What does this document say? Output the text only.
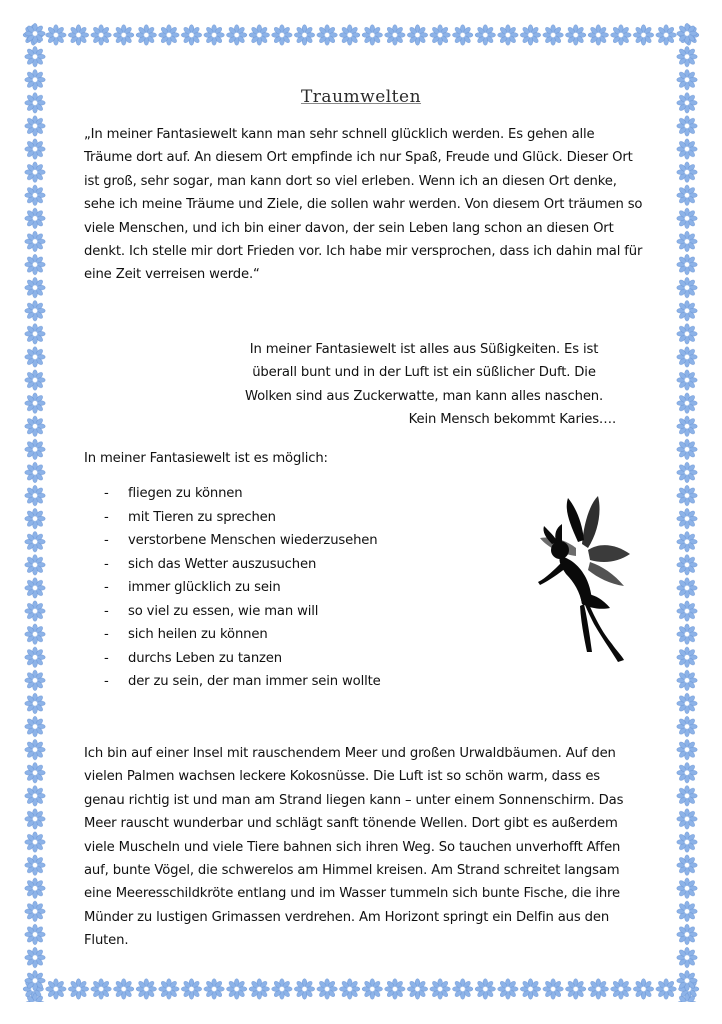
Traumwelten

„In meiner Fantasiewelt kann man sehr schnell glücklich werden. Es gehen alle Träume dort auf. An diesem Ort empfinde ich nur Spaß, Freude und Glück. Dieser Ort ist groß, sehr sogar, man kann dort so viel erleben. Wenn ich an diesen Ort denke, sehe ich meine Träume und Ziele, die sollen wahr werden. Von diesem Ort träumen so viele Menschen, und ich bin einer davon, der sein Leben lang schon an diesen Ort denkt. Ich stelle mir dort Frieden vor. Ich habe mir versprochen, dass ich dahin mal für eine Zeit verreisen werde.“

In meiner Fantasiewelt ist alles aus Süßigkeiten. Es ist überall bunt und in der Luft ist ein süßlicher Duft. Die Wolken sind aus Zuckerwatte, man kann alles naschen.
Kein Mensch bekommt Karies….

In meiner Fantasiewelt ist es möglich:

- fliegen zu können
- mit Tieren zu sprechen
- verstorbene Menschen wiederzusehen
- sich das Wetter auszusuchen
- immer glücklich zu sein
- so viel zu essen, wie man will
- sich heilen zu können
- durchs Leben zu tanzen
- der zu sein, der man immer sein wollte

Ich bin auf einer Insel mit rauschendem Meer und großen Urwaldbäumen. Auf den vielen Palmen wachsen leckere Kokosnüsse. Die Luft ist so schön warm, dass es genau richtig ist und man am Strand liegen kann – unter einem Sonnenschirm. Das Meer rauscht wunderbar und schlägt sanft tönende Wellen. Dort gibt es außerdem viele Muscheln und viele Tiere bahnen sich ihren Weg. So tauchen unverhofft Affen auf, bunte Vögel, die schwerelos am Himmel kreisen. Am Strand schreitet langsam eine Meeresschildkröte entlang und im Wasser tummeln sich bunte Fische, die ihre Münder zu lustigen Grimassen verdrehen. Am Horizont springt ein Delfin aus den Fluten.
